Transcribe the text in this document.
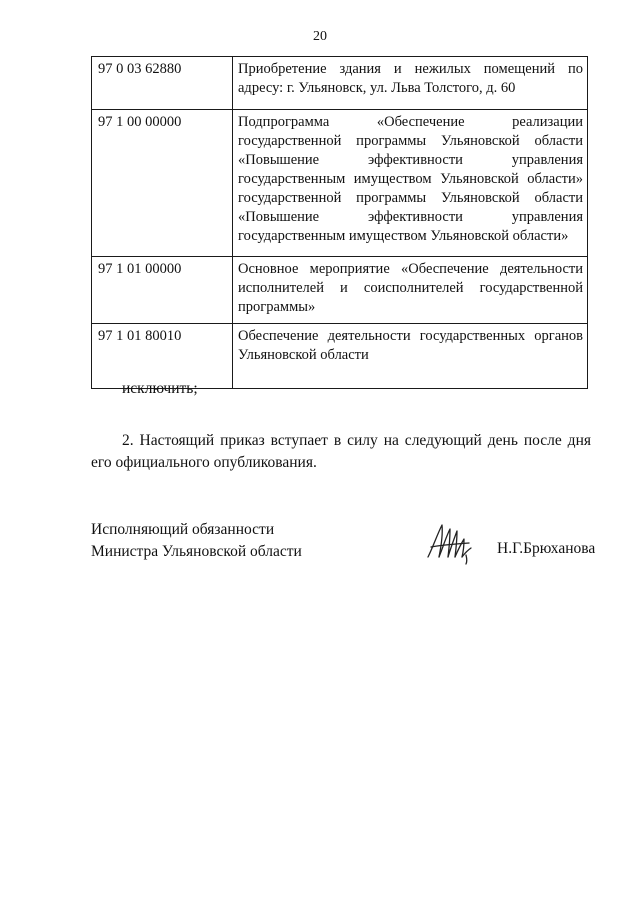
20
97 0 03 62880	Приобретение здания и нежилых помещений по адресу: г. Ульяновск, ул. Льва Толстого, д. 60
97 1 00 00000	Подпрограмма «Обеспечение реализации государственной программы Ульяновской области «Повышение эффективности управления государственным имуществом Ульяновской области» государственной программы Ульяновской области «Повышение эффективности управления государственным имуществом Ульяновской области»
97 1 01 00000	Основное мероприятие «Обеспечение деятельности исполнителей и соисполнителей государственной программы»
97 1 01 80010	Обеспечение деятельности государственных органов Ульяновской области
исключить;
2. Настоящий приказ вступает в силу на следующий день после дня его официального опубликования.
Исполняющий обязанности
Министра Ульяновской области	Н.Г.Брюханова
